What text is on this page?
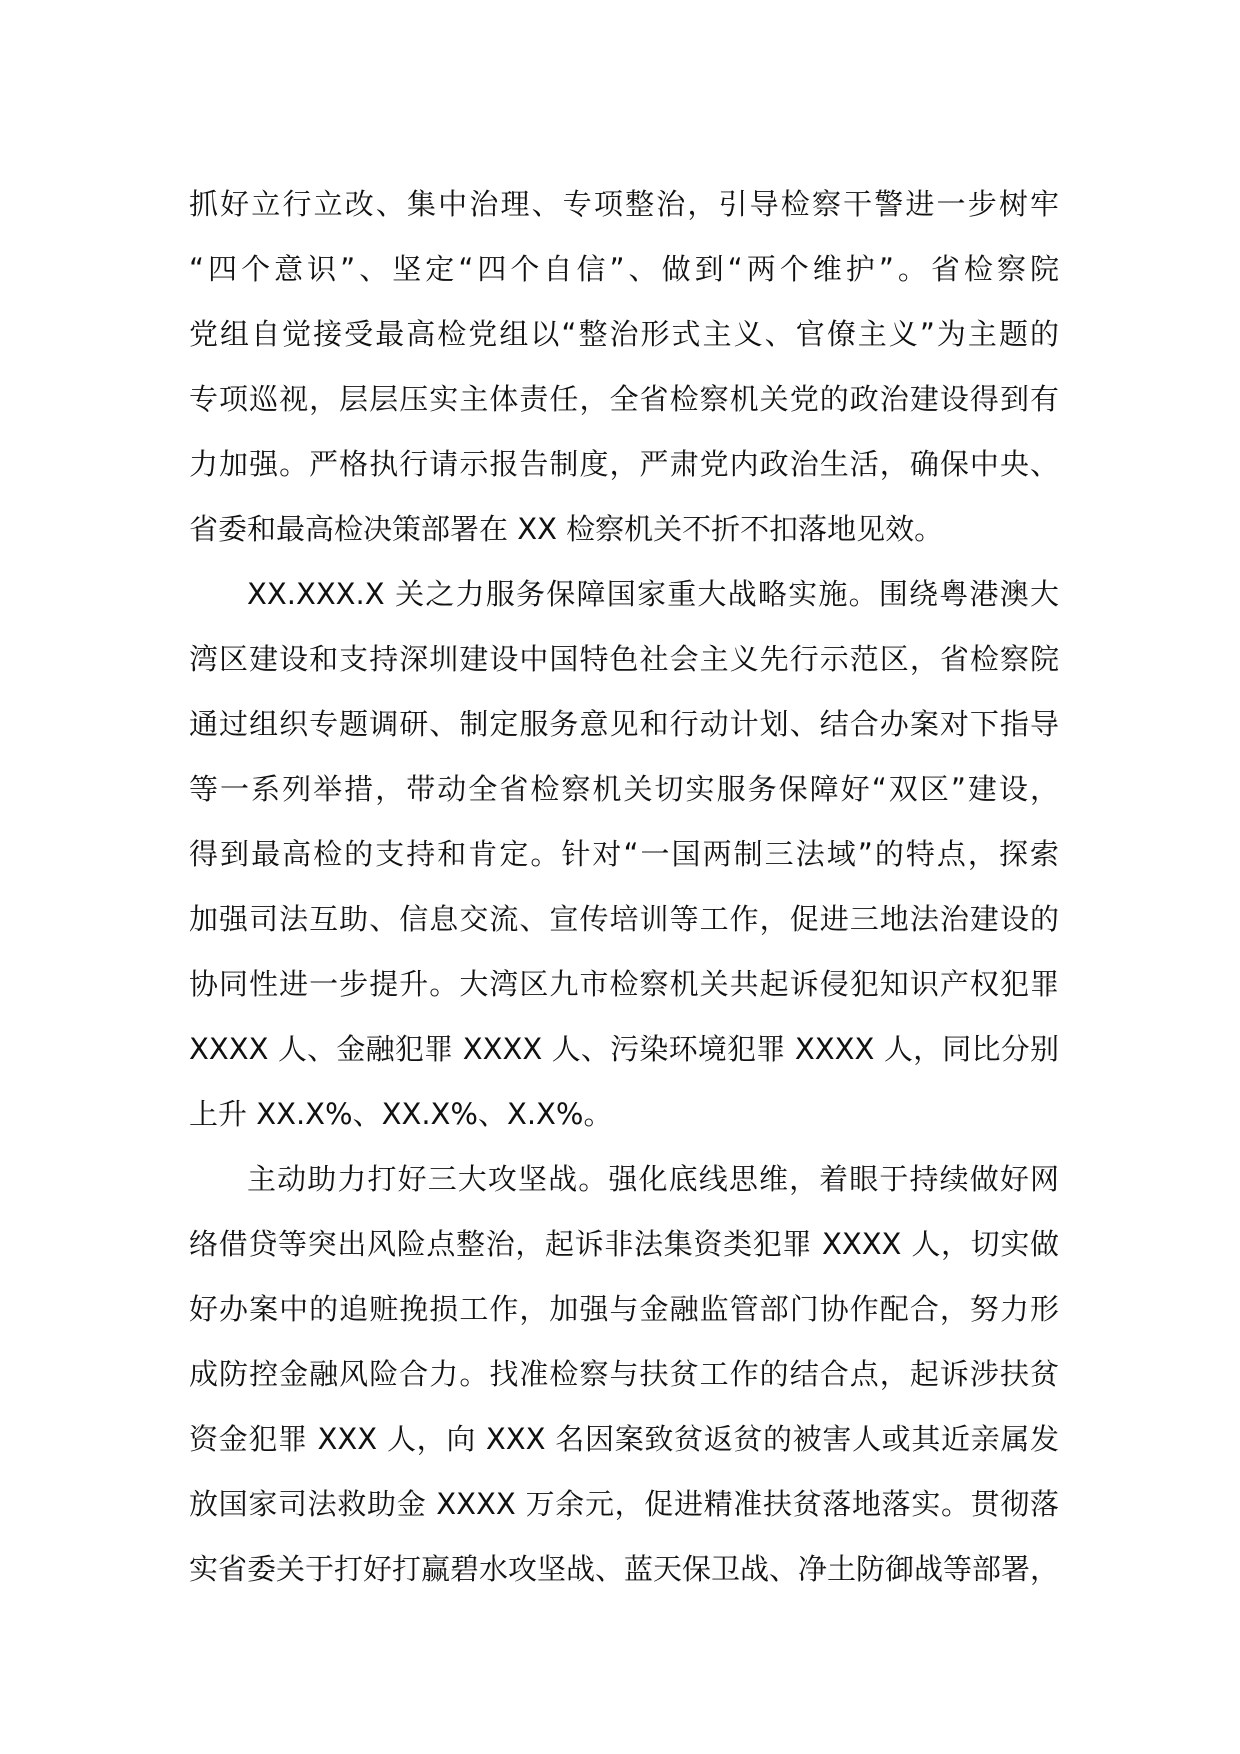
抓好立行立改、集中治理、专项整治，引导检察干警进一步树牢
“四个意识”、坚定“四个自信”、做到“两个维护”。省检察院
党组自觉接受最高检党组以“整治形式主义、官僚主义”为主题的
专项巡视，层层压实主体责任，全省检察机关党的政治建设得到有
力加强。严格执行请示报告制度，严肃党内政治生活，确保中央、
省委和最高检决策部署在 XX 检察机关不折不扣落地见效。
XX.XXX.X 关之力服务保障国家重大战略实施。围绕粤港澳大
湾区建设和支持深圳建设中国特色社会主义先行示范区，省检察院
通过组织专题调研、制定服务意见和行动计划、结合办案对下指导
等一系列举措，带动全省检察机关切实服务保障好“双区”建设，
得到最高检的支持和肯定。针对“一国两制三法域”的特点，探索
加强司法互助、信息交流、宣传培训等工作，促进三地法治建设的
协同性进一步提升。大湾区九市检察机关共起诉侵犯知识产权犯罪
XXXX 人、金融犯罪 XXXX 人、污染环境犯罪 XXXX 人，同比分别
上升 XX.X%、XX.X%、X.X%。
主动助力打好三大攻坚战。强化底线思维，着眼于持续做好网
络借贷等突出风险点整治，起诉非法集资类犯罪 XXXX 人，切实做
好办案中的追赃挽损工作，加强与金融监管部门协作配合，努力形
成防控金融风险合力。找准检察与扶贫工作的结合点，起诉涉扶贫
资金犯罪 XXX 人，向 XXX 名因案致贫返贫的被害人或其近亲属发
放国家司法救助金 XXXX 万余元，促进精准扶贫落地落实。贯彻落
实省委关于打好打赢碧水攻坚战、蓝天保卫战、净土防御战等部署，
